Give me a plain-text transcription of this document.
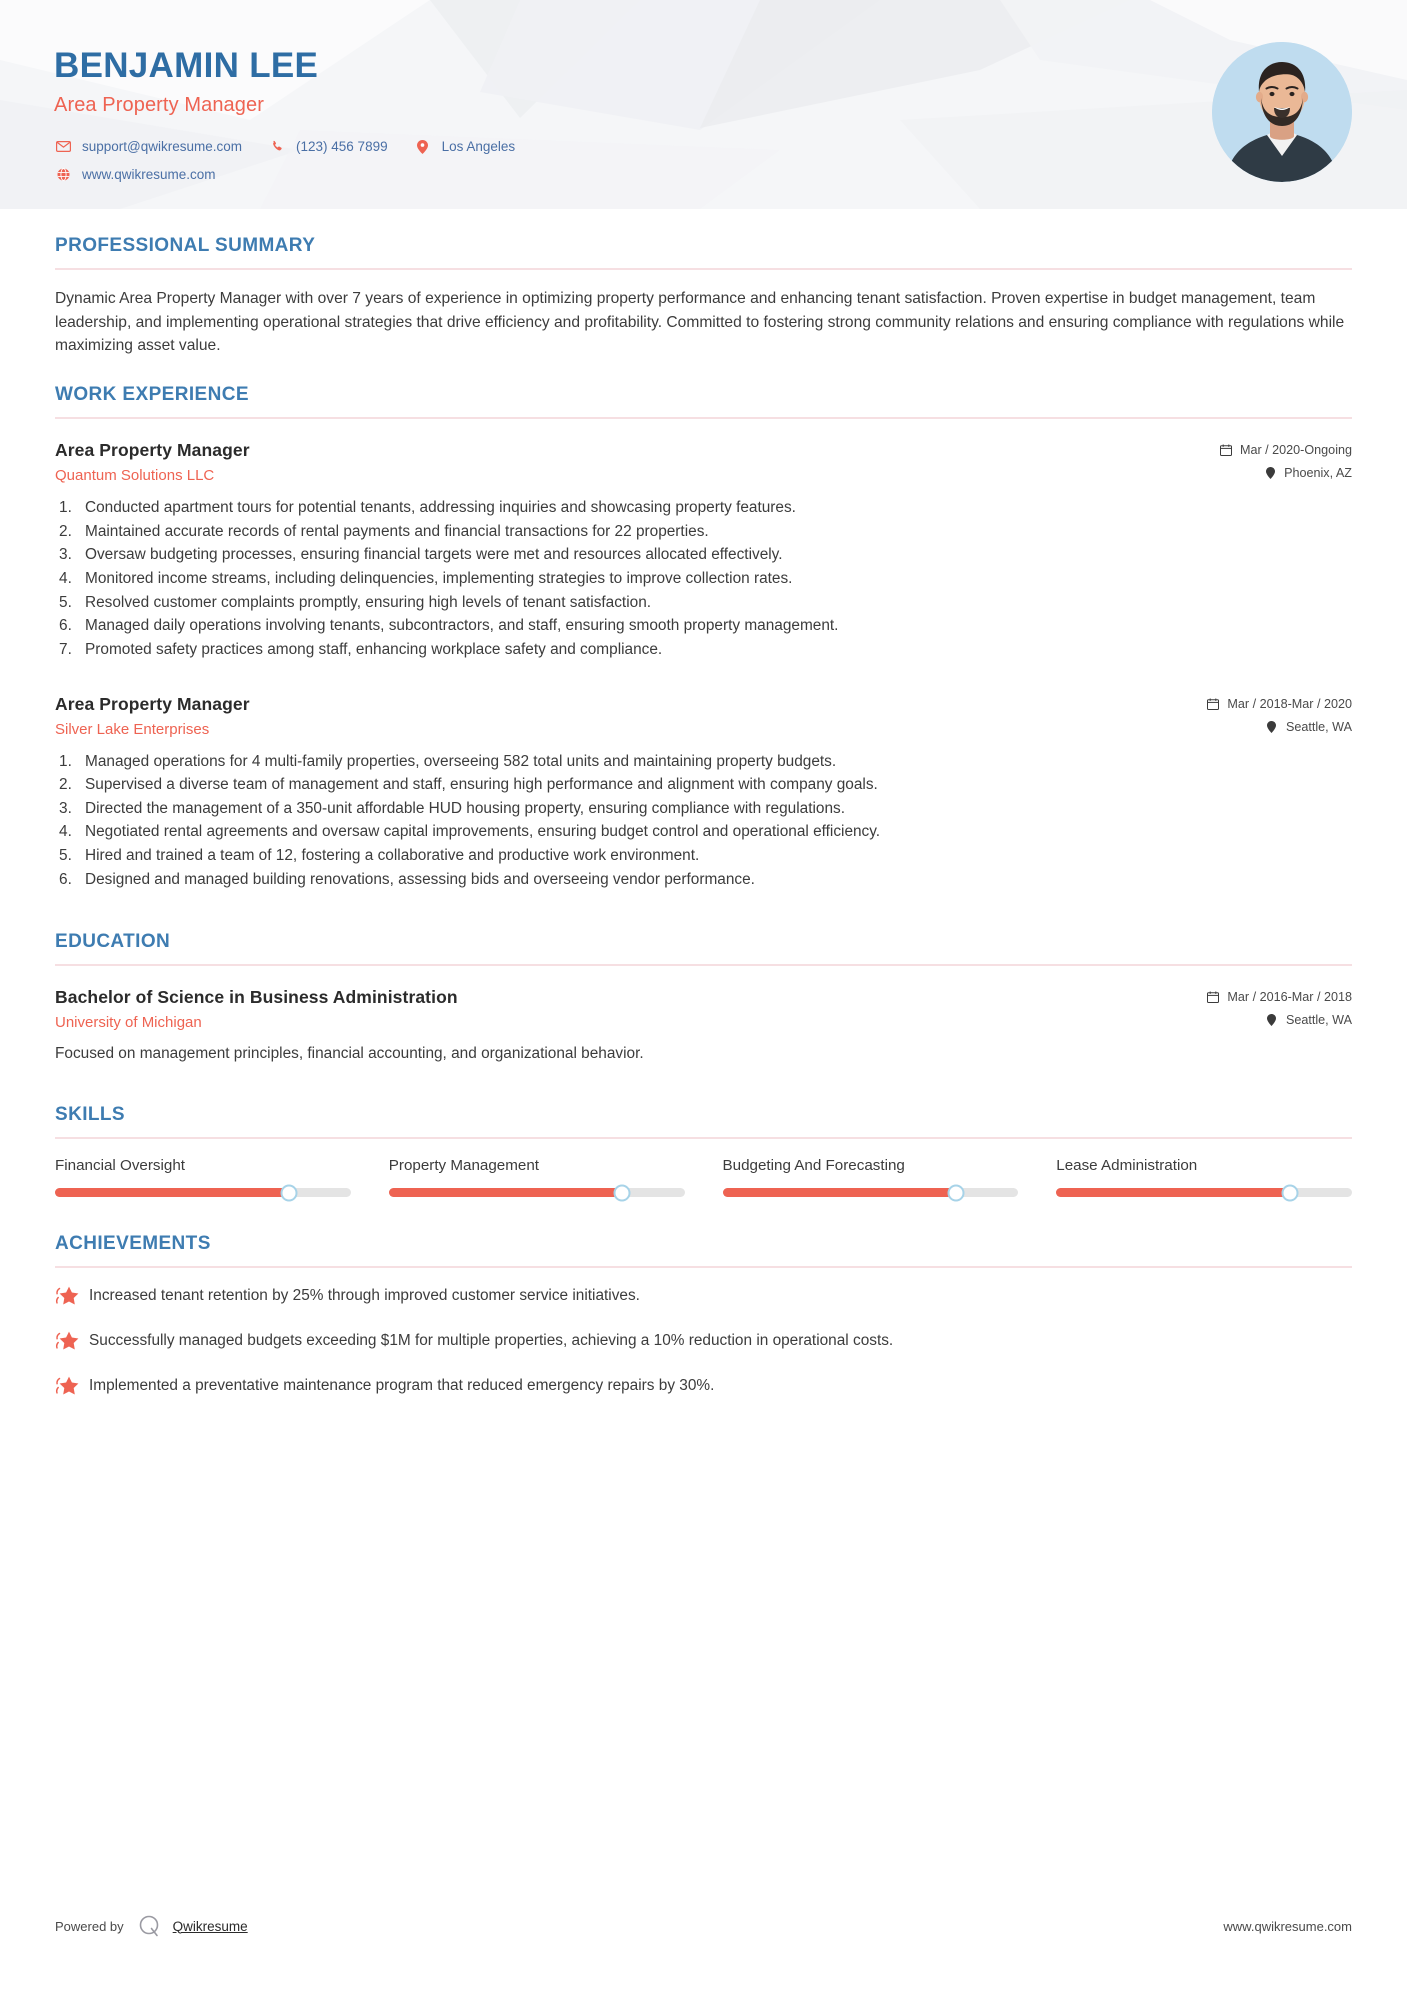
BENJAMIN LEE
Area Property Manager
support@qwikresume.com	(123) 456 7899	Los Angeles
www.qwikresume.com
PROFESSIONAL SUMMARY

Dynamic Area Property Manager with over 7 years of experience in optimizing property performance and enhancing tenant satisfaction. Proven expertise in budget management, team leadership, and implementing operational strategies that drive efficiency and profitability. Committed to fostering strong community relations and ensuring compliance with regulations while maximizing asset value.

WORK EXPERIENCE
Area Property Manager
Quantum Solutions LLC
Mar / 2020-Ongoing
Phoenix, AZ
Conducted apartment tours for potential tenants, addressing inquiries and showcasing property features.
Maintained accurate records of rental payments and financial transactions for 22 properties.
Oversaw budgeting processes, ensuring financial targets were met and resources allocated effectively.
Monitored income streams, including delinquencies, implementing strategies to improve collection rates.
Resolved customer complaints promptly, ensuring high levels of tenant satisfaction.
Managed daily operations involving tenants, subcontractors, and staff, ensuring smooth property management.
Promoted safety practices among staff, enhancing workplace safety and compliance.
Area Property Manager
Silver Lake Enterprises
Mar / 2018-Mar / 2020
Seattle, WA
Managed operations for 4 multi-family properties, overseeing 582 total units and maintaining property budgets.
Supervised a diverse team of management and staff, ensuring high performance and alignment with company goals.
Directed the management of a 350-unit affordable HUD housing property, ensuring compliance with regulations.
Negotiated rental agreements and oversaw capital improvements, ensuring budget control and operational efficiency.
Hired and trained a team of 12, fostering a collaborative and productive work environment.
Designed and managed building renovations, assessing bids and overseeing vendor performance.
EDUCATION
Bachelor of Science in Business Administration
University of Michigan
Mar / 2016-Mar / 2018
Seattle, WA

Focused on management principles, financial accounting, and organizational behavior.

SKILLS
Financial Oversight	Property Management	Budgeting And Forecasting	Lease Administration
ACHIEVEMENTS
Increased tenant retention by 25% through improved customer service initiatives.
Successfully managed budgets exceeding $1M for multiple properties, achieving a 10% reduction in operational costs.
Implemented a preventative maintenance program that reduced emergency repairs by 30%.
Powered by	Qwikresume	www.qwikresume.com
